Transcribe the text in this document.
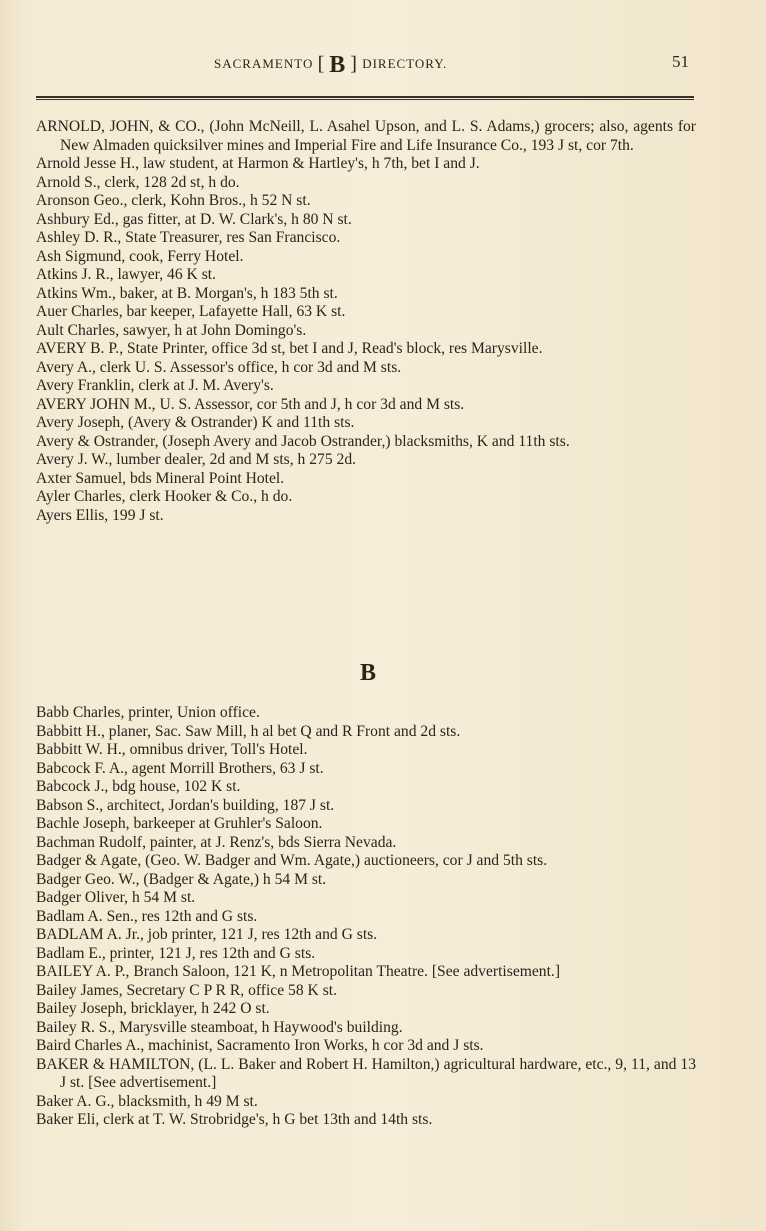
SACRAMENTO [ B ] DIRECTORY.	51
ARNOLD, JOHN, & CO., (John McNeill, L. Asahel Upson, and L. S. Adams,) grocers; also, agents for New Almaden quicksilver mines and Imperial Fire and Life Insurance Co., 193 J st, cor 7th.
Arnold Jesse H., law student, at Harmon & Hartley's, h 7th, bet I and J.
Arnold S., clerk, 128 2d st, h do.
Aronson Geo., clerk, Kohn Bros., h 52 N st.
Ashbury Ed., gas fitter, at D. W. Clark's, h 80 N st.
Ashley D. R., State Treasurer, res San Francisco.
Ash Sigmund, cook, Ferry Hotel.
Atkins J. R., lawyer, 46 K st.
Atkins Wm., baker, at B. Morgan's, h 183 5th st.
Auer Charles, bar keeper, Lafayette Hall, 63 K st.
Ault Charles, sawyer, h at John Domingo's.
AVERY B. P., State Printer, office 3d st, bet I and J, Read's block, res Marysville.
Avery A., clerk U. S. Assessor's office, h cor 3d and M sts.
Avery Franklin, clerk at J. M. Avery's.
AVERY JOHN M., U. S. Assessor, cor 5th and J, h cor 3d and M sts.
Avery Joseph, (Avery & Ostrander) K and 11th sts.
Avery & Ostrander, (Joseph Avery and Jacob Ostrander,) blacksmiths, K and 11th sts.
Avery J. W., lumber dealer, 2d and M sts, h 275 2d.
Axter Samuel, bds Mineral Point Hotel.
Ayler Charles, clerk Hooker & Co., h do.
Ayers Ellis, 199 J st.
B
Babb Charles, printer, Union office.
Babbitt H., planer, Sac. Saw Mill, h al bet Q and R Front and 2d sts.
Babbitt W. H., omnibus driver, Toll's Hotel.
Babcock F. A., agent Morrill Brothers, 63 J st.
Babcock J., bdg house, 102 K st.
Babson S., architect, Jordan's building, 187 J st.
Bachle Joseph, barkeeper at Gruhler's Saloon.
Bachman Rudolf, painter, at J. Renz's, bds Sierra Nevada.
Badger & Agate, (Geo. W. Badger and Wm. Agate,) auctioneers, cor J and 5th sts.
Badger Geo. W., (Badger & Agate,) h 54 M st.
Badger Oliver, h 54 M st.
Badlam A. Sen., res 12th and G sts.
BADLAM A. Jr., job printer, 121 J, res 12th and G sts.
Badlam E., printer, 121 J, res 12th and G sts.
BAILEY A. P., Branch Saloon, 121 K, n Metropolitan Theatre. [See advertisement.]
Bailey James, Secretary C P R R, office 58 K st.
Bailey Joseph, bricklayer, h 242 O st.
Bailey R. S., Marysville steamboat, h Haywood's building.
Baird Charles A., machinist, Sacramento Iron Works, h cor 3d and J sts.
BAKER & HAMILTON, (L. L. Baker and Robert H. Hamilton,) agricultural hardware, etc., 9, 11, and 13 J st. [See advertisement.]
Baker A. G., blacksmith, h 49 M st.
Baker Eli, clerk at T. W. Strobridge's, h G bet 13th and 14th sts.
